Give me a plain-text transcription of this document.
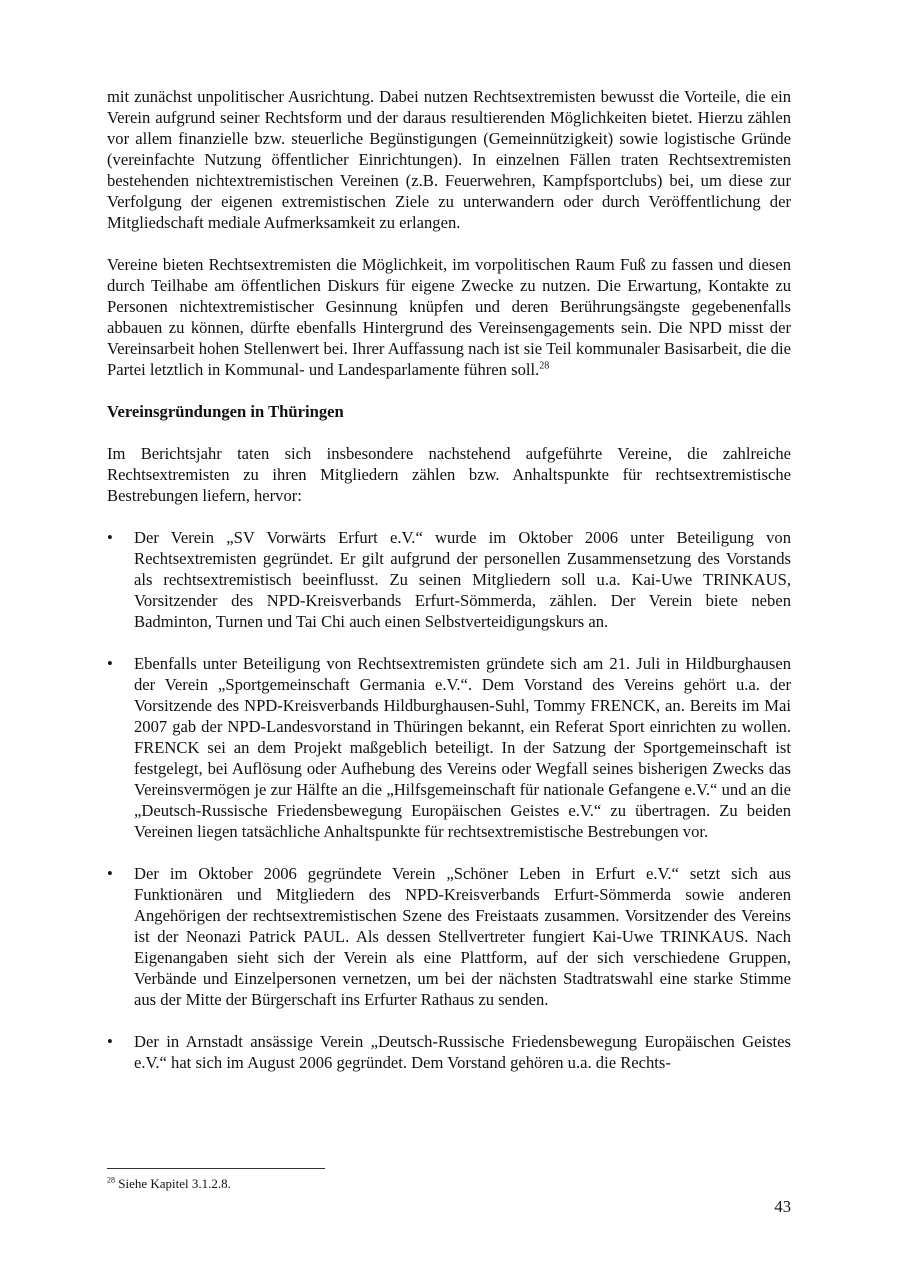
mit zunächst unpolitischer Ausrichtung. Dabei nutzen Rechtsextremisten bewusst die Vorteile, die ein Verein aufgrund seiner Rechtsform und der daraus resultierenden Möglichkeiten bietet. Hierzu zählen vor allem finanzielle bzw. steuerliche Begünstigungen (Gemeinnützigkeit) sowie logistische Gründe (vereinfachte Nutzung öffentlicher Einrichtungen). In einzelnen Fällen traten Rechtsextremisten bestehenden nichtextremistischen Vereinen (z.B. Feuerwehren, Kampfsportclubs) bei, um diese zur Verfolgung der eigenen extremistischen Ziele zu unterwandern oder durch Veröffentlichung der Mitgliedschaft mediale Aufmerksamkeit zu erlangen.

Vereine bieten Rechtsextremisten die Möglichkeit, im vorpolitischen Raum Fuß zu fassen und diesen durch Teilhabe am öffentlichen Diskurs für eigene Zwecke zu nutzen. Die Erwartung, Kontakte zu Personen nichtextremistischer Gesinnung knüpfen und deren Berührungsängste gegebenenfalls abbauen zu können, dürfte ebenfalls Hintergrund des Vereinsengagements sein. Die NPD misst der Vereinsarbeit hohen Stellenwert bei. Ihrer Auffassung nach ist sie Teil kommunaler Basisarbeit, die die Partei letztlich in Kommunal- und Landesparlamente führen soll.$^{28}$

Vereinsgründungen in Thüringen

Im Berichtsjahr taten sich insbesondere nachstehend aufgeführte Vereine, die zahlreiche Rechtsextremisten zu ihren Mitgliedern zählen bzw. Anhaltspunkte für rechtsextremistische Bestrebungen liefern, hervor:

• Der Verein „SV Vorwärts Erfurt e.V.“ wurde im Oktober 2006 unter Beteiligung von Rechtsextremisten gegründet. Er gilt aufgrund der personellen Zusammensetzung des Vorstands als rechtsextremistisch beeinflusst. Zu seinen Mitgliedern soll u.a. Kai-Uwe TRINKAUS, Vorsitzender des NPD-Kreisverbands Erfurt-Sömmerda, zählen. Der Verein biete neben Badminton, Turnen und Tai Chi auch einen Selbstverteidigungskurs an.
• Ebenfalls unter Beteiligung von Rechtsextremisten gründete sich am 21. Juli in Hildburghausen der Verein „Sportgemeinschaft Germania e.V.“. Dem Vorstand des Vereins gehört u.a. der Vorsitzende des NPD-Kreisverbands Hildburghausen-Suhl, Tommy FRENCK, an. Bereits im Mai 2007 gab der NPD-Landesvorstand in Thüringen bekannt, ein Referat Sport einrichten zu wollen. FRENCK sei an dem Projekt maßgeblich beteiligt. In der Satzung der Sportgemeinschaft ist festgelegt, bei Auflösung oder Aufhebung des Vereins oder Wegfall seines bisherigen Zwecks das Vereinsvermögen je zur Hälfte an die „Hilfsgemeinschaft für nationale Gefangene e.V.“ und an die „Deutsch-Russische Friedensbewegung Europäischen Geistes e.V.“ zu übertragen. Zu beiden Vereinen liegen tatsächliche Anhaltspunkte für rechtsextremistische Bestrebungen vor.
• Der im Oktober 2006 gegründete Verein „Schöner Leben in Erfurt e.V.“ setzt sich aus Funktionären und Mitgliedern des NPD-Kreisverbands Erfurt-Sömmerda sowie anderen Angehörigen der rechtsextremistischen Szene des Freistaats zusammen. Vorsitzender des Vereins ist der Neonazi Patrick PAUL. Als dessen Stellvertreter fungiert Kai-Uwe TRINKAUS. Nach Eigenangaben sieht sich der Verein als eine Plattform, auf der sich verschiedene Gruppen, Verbände und Einzelpersonen vernetzen, um bei der nächsten Stadtratswahl eine starke Stimme aus der Mitte der Bürgerschaft ins Erfurter Rathaus zu senden.
• Der in Arnstadt ansässige Verein „Deutsch-Russische Friedensbewegung Europäischen Geistes e.V.“ hat sich im August 2006 gegründet. Dem Vorstand gehören u.a. die Rechts-
$^{28}$ Siehe Kapitel 3.1.2.8.
43
